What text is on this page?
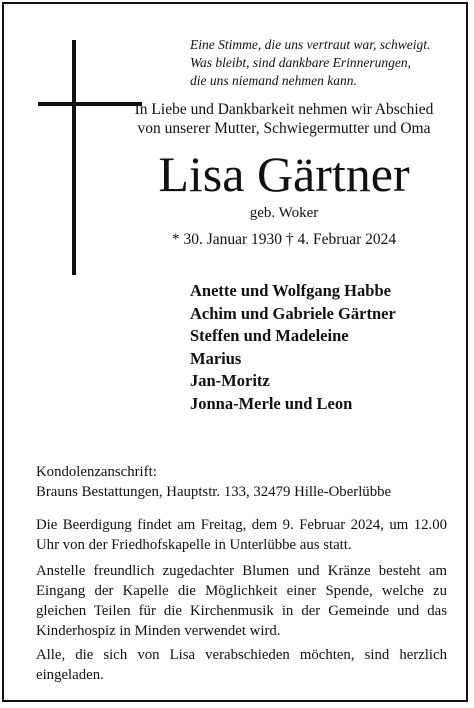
Eine Stimme, die uns vertraut war, schweigt.
Was bleibt, sind dankbare Erinnerungen,
die uns niemand nehmen kann.
In Liebe und Dankbarkeit nehmen wir Abschied
von unserer Mutter, Schwiegermutter und Oma
Lisa Gärtner
geb. Woker
* 30. Januar 1930 † 4. Februar 2024
Anette und Wolfgang Habbe
Achim und Gabriele Gärtner
Steffen und Madeleine
Marius
Jan-Moritz
Jonna-Merle und Leon
Kondolenzanschrift:
Brauns Bestattungen, Hauptstr. 133, 32479 Hille-Oberlübbe
Die Beerdigung findet am Freitag, dem 9. Februar 2024, um 12.00 Uhr von der Friedhofskapelle in Unterlübbe aus statt.
Anstelle freundlich zugedachter Blumen und Kränze besteht am Eingang der Kapelle die Möglichkeit einer Spende, welche zu gleichen Teilen für die Kirchenmusik in der Gemeinde und das Kinderhospiz in Minden verwendet wird.
Alle, die sich von Lisa verabschieden möchten, sind herzlich eingeladen.
